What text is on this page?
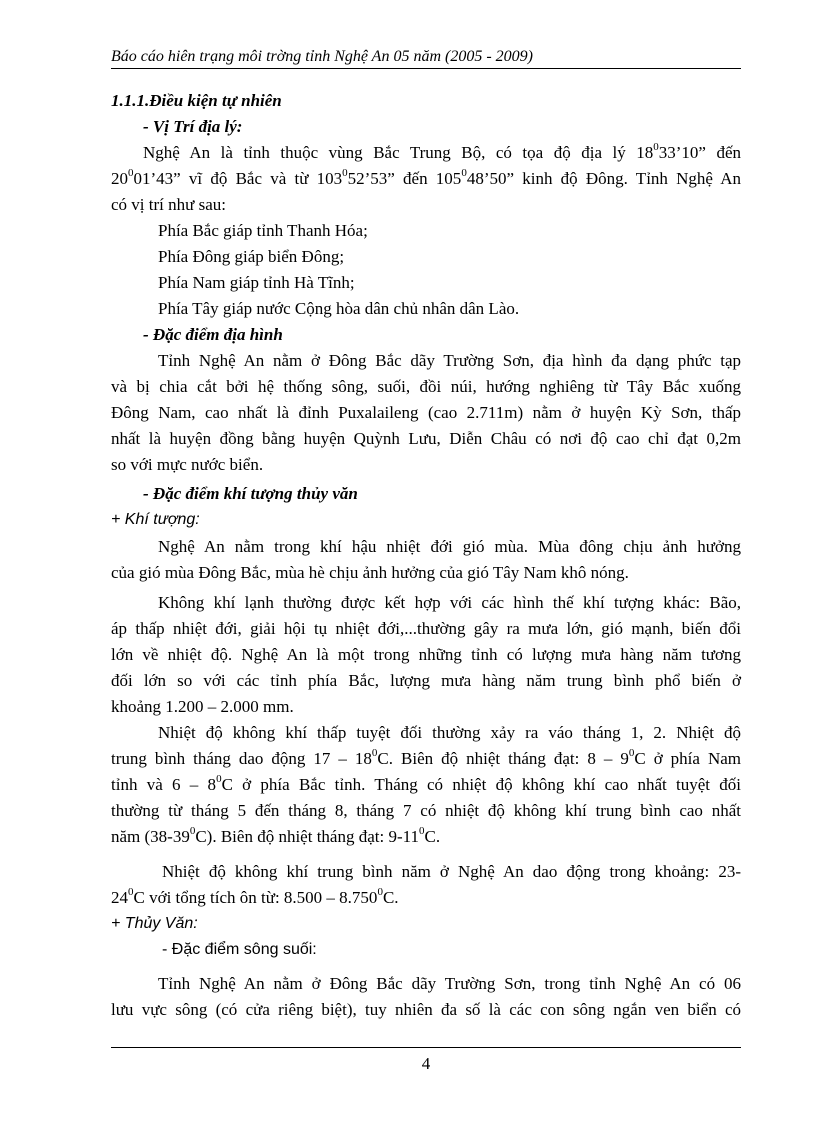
Báo cáo hiên trạng môi trờng tỉnh Nghệ An 05 năm (2005 - 2009)
1.1.1.Điều kiện tự nhiên
- Vị Trí địa lý:
Nghệ An là tỉnh thuộc vùng Bắc Trung Bộ, có tọa độ địa lý $18^033’10$” đến
$20^001’43$” vĩ độ Bắc và từ $103^052’53$” đến $105^048’50$” kinh độ Đông. Tỉnh Nghệ An
có vị trí như sau:
Phía Bắc giáp tỉnh Thanh Hóa;
Phía Đông giáp biển Đông;
Phía Nam giáp tỉnh Hà Tĩnh;
Phía Tây giáp nước Cộng hòa dân chủ nhân dân Lào.
- Đặc điểm địa hình
Tỉnh Nghệ An nằm ở Đông Bắc dãy Trường Sơn, địa hình đa dạng phức tạp
và bị chia cắt bởi hệ thống sông, suối, đồi núi, hướng nghiêng từ Tây Bắc xuống
Đông Nam, cao nhất là đỉnh Puxalaileng (cao 2.711m) nằm ở huyện Kỳ Sơn, thấp
nhất là huyện đồng bằng huyện Quỳnh Lưu, Diễn Châu có nơi độ cao chỉ đạt 0,2m
so với mực nước biển.
- Đặc điểm khí tượng thủy văn
+ Khí tượng:
Nghệ An nằm trong khí hậu nhiệt đới gió mùa. Mùa đông chịu ảnh hưởng
của gió mùa Đông Bắc, mùa hè chịu ảnh hưởng của gió Tây Nam khô nóng.
Không khí lạnh thường được kết hợp với các hình thế khí tượng khác: Bão,
áp thấp nhiệt đới, giải hội tụ nhiệt đới,...thường gây ra mưa lớn, gió mạnh, biến đổi
lớn về nhiệt độ. Nghệ An là một trong những tỉnh có lượng mưa hàng năm tương
đối lớn so với các tỉnh phía Bắc, lượng mưa hàng năm trung bình phổ biến ở
khoảng 1.200 – 2.000 mm.
Nhiệt độ không khí thấp tuyệt đối thường xảy ra váo tháng 1, 2. Nhiệt độ
trung bình tháng dao động $17 - 18^0C$. Biên độ nhiệt tháng đạt: $8 - 9^0C$ ở phía Nam
tỉnh và $6 - 8^0C$ ở phía Bắc tỉnh. Tháng có nhiệt độ không khí cao nhất tuyệt đối
thường từ tháng 5 đến tháng 8, tháng 7 có nhiệt độ không khí trung bình cao nhất
năm $(38-39^0C)$. Biên độ nhiệt tháng đạt: $9-11^0C$.
Nhiệt độ không khí trung bình năm ở Nghệ An dao động trong khoảng: 23-
$24^0C$ với tổng tích ôn từ: $8.500 - 8.750^0C$.
+ Thủy Văn:
- Đặc điểm sông suối:
Tỉnh Nghệ An nằm ở Đông Bắc dãy Trường Sơn, trong tỉnh Nghệ An có 06
lưu vực sông (có cửa riêng biệt), tuy nhiên đa số là các con sông ngắn ven biển có
4
